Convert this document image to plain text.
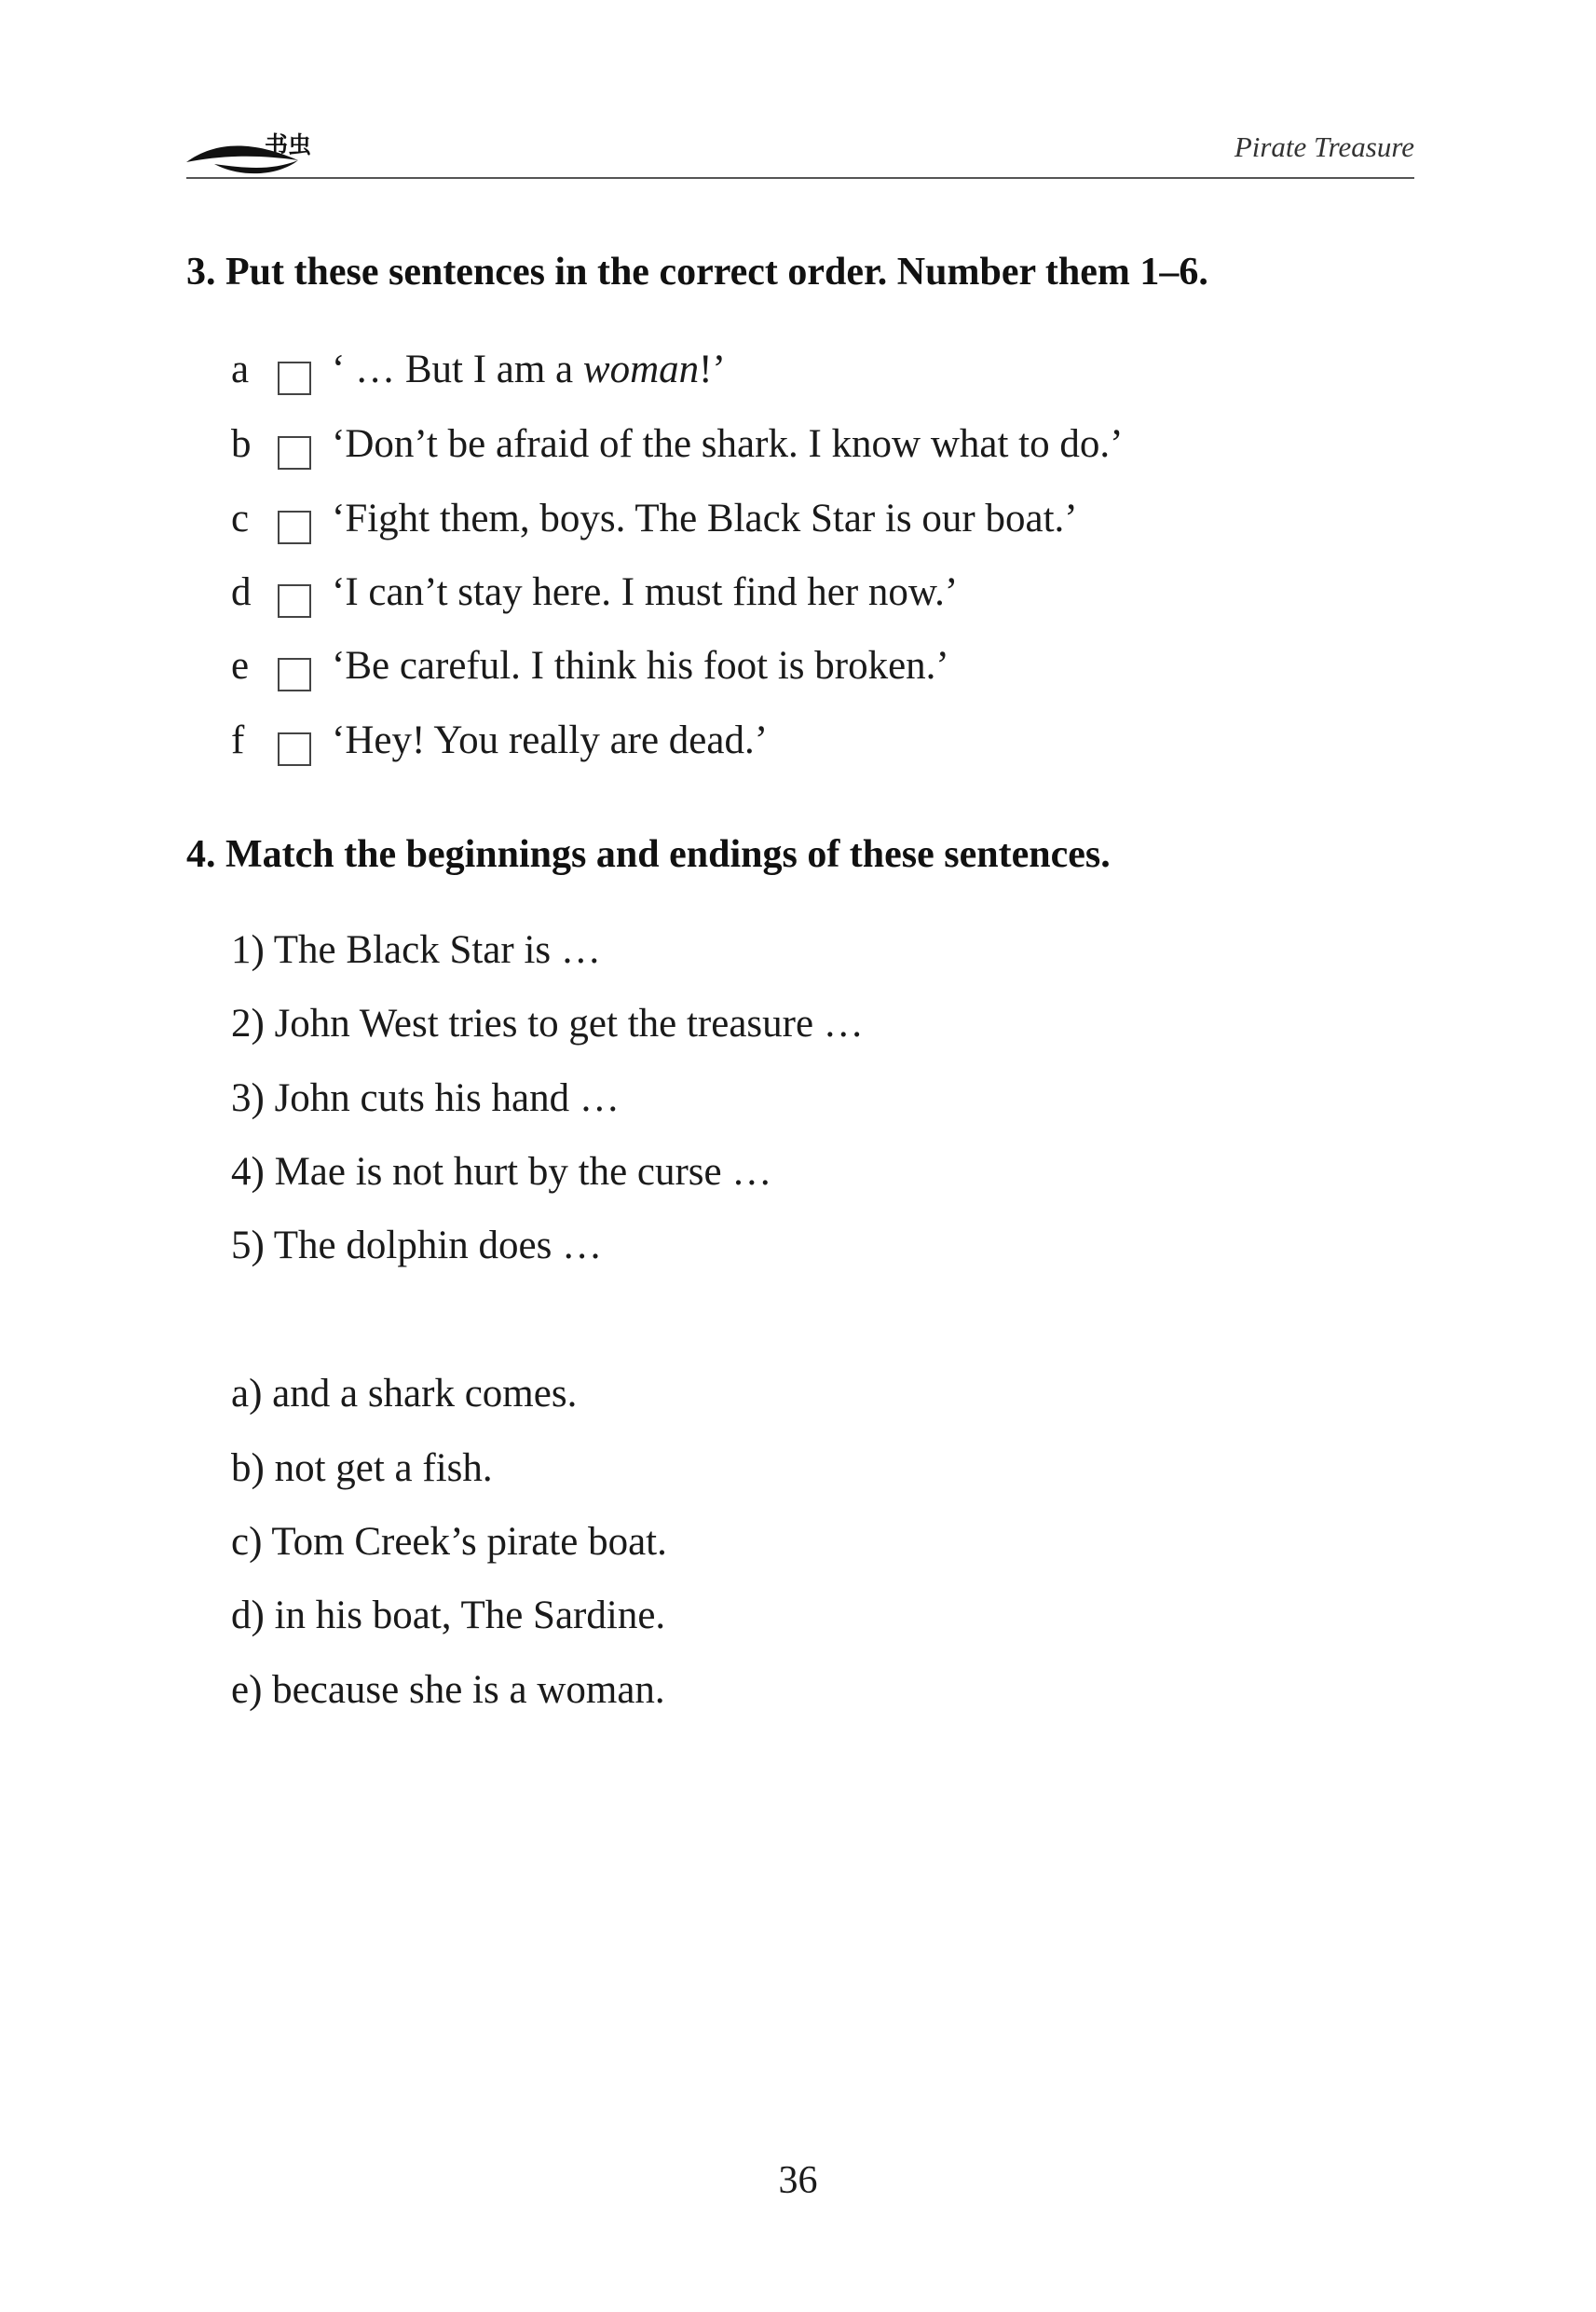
书虫	Pirate Treasure
3. Put these sentences in the correct order. Number them 1–6.
a	‘ … But I am a woman!’
b	‘Don’t be afraid of the shark. I know what to do.’
c	‘Fight them, boys. The Black Star is our boat.’
d	‘I can’t stay here. I must find her now.’
e	‘Be careful. I think his foot is broken.’
f	‘Hey! You really are dead.’
4. Match the beginnings and endings of these sentences.
1) The Black Star is …
2) John West tries to get the treasure …
3) John cuts his hand …
4) Mae is not hurt by the curse …
5) The dolphin does …
a) and a shark comes.
b) not get a fish.
c) Tom Creek’s pirate boat.
d) in his boat, The Sardine.
e) because she is a woman.
36
